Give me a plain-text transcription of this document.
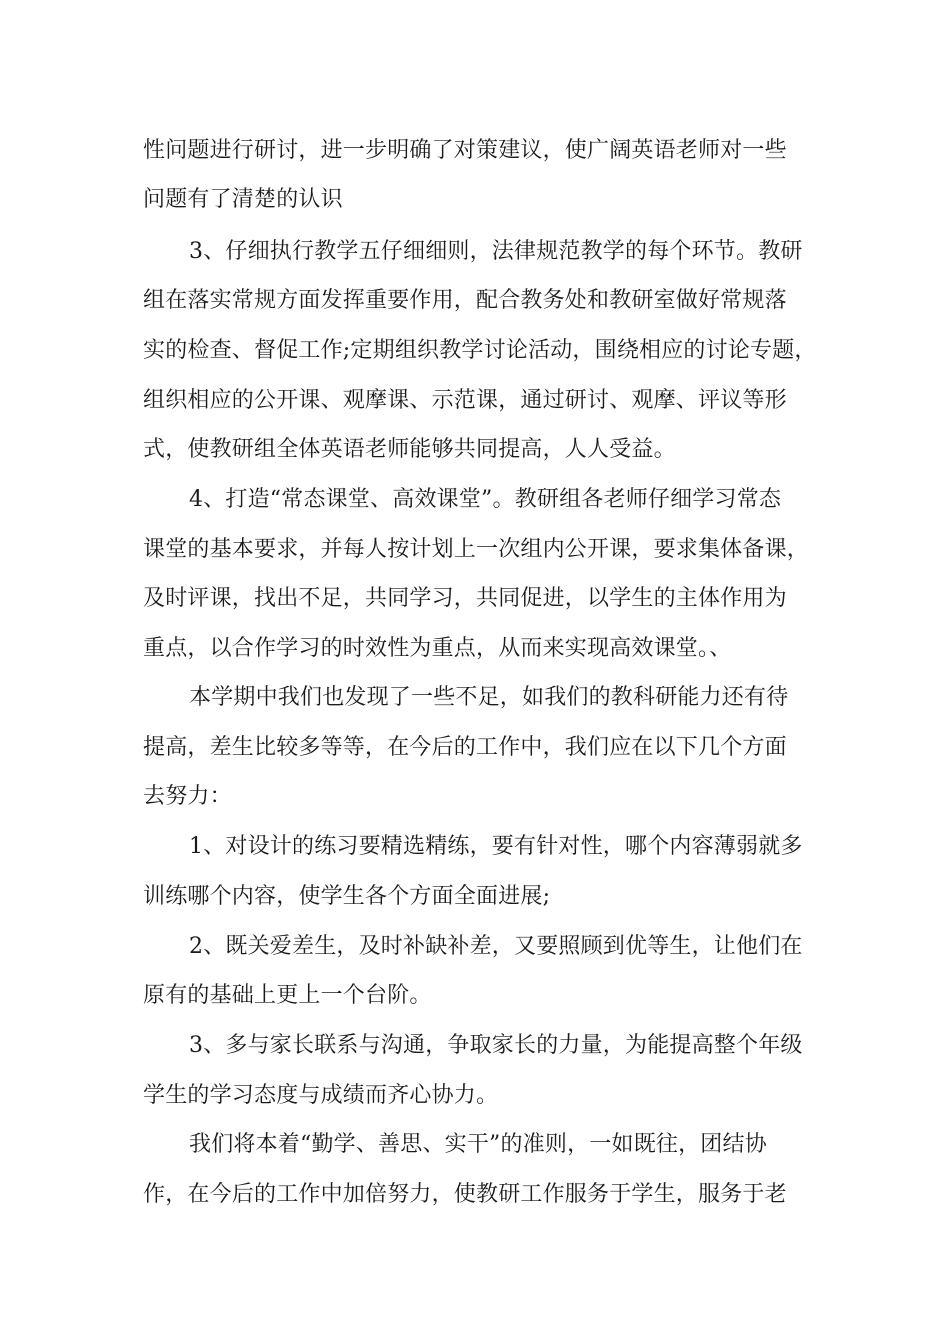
性问题进行研讨，进一步明确了对策建议，使广阔英语老师对一些
问题有了清楚的认识
3、仔细执行教学五仔细细则，法律规范教学的每个环节。教研
组在落实常规方面发挥重要作用，配合教务处和教研室做好常规落
实的检查、督促工作;定期组织教学讨论活动，围绕相应的讨论专题，
组织相应的公开课、观摩课、示范课，通过研讨、观摩、评议等形
式，使教研组全体英语老师能够共同提高，人人受益。
4、打造“常态课堂、高效课堂”。教研组各老师仔细学习常态
课堂的基本要求，并每人按计划上一次组内公开课，要求集体备课，
及时评课，找出不足，共同学习，共同促进，以学生的主体作用为
重点，以合作学习的时效性为重点，从而来实现高效课堂。、
本学期中我们也发现了一些不足，如我们的教科研能力还有待
提高，差生比较多等等，在今后的工作中，我们应在以下几个方面
去努力：
1、对设计的练习要精选精练，要有针对性，哪个内容薄弱就多
训练哪个内容，使学生各个方面全面进展;
2、既关爱差生，及时补缺补差，又要照顾到优等生，让他们在
原有的基础上更上一个台阶。
3、多与家长联系与沟通，争取家长的力量，为能提高整个年级
学生的学习态度与成绩而齐心协力。
我们将本着“勤学、善思、实干”的准则，一如既往，团结协
作，在今后的工作中加倍努力，使教研工作服务于学生，服务于老
